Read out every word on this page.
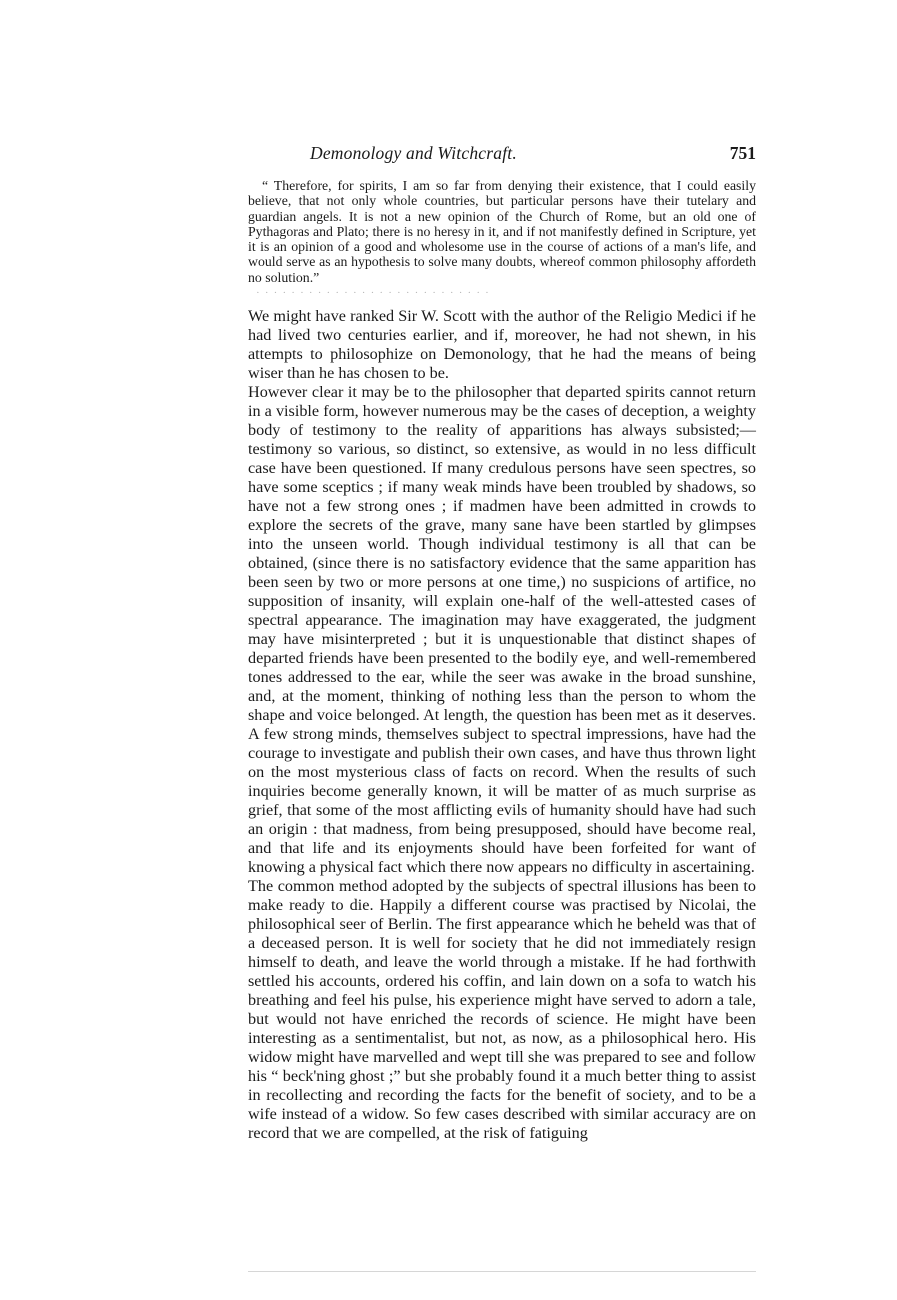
Demonology and Witchcraft.	751

“ Therefore, for spirits, I am so far from denying their existence, that I could easily believe, that not only whole countries, but particular persons have their tutelary and guardian angels. It is not a new opinion of the Church of Rome, but an old one of Pythagoras and Plato; there is no heresy in it, and if not manifestly defined in Scripture, yet it is an opinion of a good and wholesome use in the course of actions of a man's life, and would serve as an hypothesis to solve many doubts, whereof common philosophy affordeth no solution.”

· · · · · · · · · · · · · · · · · · · · · · · · · · ·

We might have ranked Sir W. Scott with the author of the Religio Medici if he had lived two centuries earlier, and if, moreover, he had not shewn, in his attempts to philosophize on Demonology, that he had the means of being wiser than he has chosen to be.

However clear it may be to the philosopher that departed spirits cannot return in a visible form, however numerous may be the cases of deception, a weighty body of testimony to the reality of apparitions has always subsisted;—testimony so various, so distinct, so extensive, as would in no less difficult case have been questioned. If many credulous persons have seen spectres, so have some sceptics ; if many weak minds have been troubled by shadows, so have not a few strong ones ; if madmen have been admitted in crowds to explore the secrets of the grave, many sane have been startled by glimpses into the unseen world. Though individual testimony is all that can be obtained, (since there is no satisfactory evidence that the same apparition has been seen by two or more persons at one time,) no suspicions of artifice, no supposition of insanity, will explain one-half of the well-attested cases of spectral appearance. The imagination may have exaggerated, the judgment may have misinterpreted ; but it is unquestionable that distinct shapes of departed friends have been presented to the bodily eye, and well-remembered tones addressed to the ear, while the seer was awake in the broad sunshine, and, at the moment, thinking of nothing less than the person to whom the shape and voice belonged. At length, the question has been met as it deserves. A few strong minds, themselves subject to spectral impressions, have had the courage to investigate and publish their own cases, and have thus thrown light on the most mysterious class of facts on record. When the results of such inquiries become generally known, it will be matter of as much surprise as grief, that some of the most afflicting evils of humanity should have had such an origin : that madness, from being presupposed, should have become real, and that life and its enjoyments should have been forfeited for want of knowing a physical fact which there now appears no difficulty in ascertaining.

The common method adopted by the subjects of spectral illusions has been to make ready to die. Happily a different course was practised by Nicolai, the philosophical seer of Berlin. The first appearance which he beheld was that of a deceased person. It is well for society that he did not immediately resign himself to death, and leave the world through a mistake. If he had forthwith settled his accounts, ordered his coffin, and lain down on a sofa to watch his breathing and feel his pulse, his experience might have served to adorn a tale, but would not have enriched the records of science. He might have been interesting as a sentimentalist, but not, as now, as a philosophical hero. His widow might have marvelled and wept till she was prepared to see and follow his “ beck'ning ghost ;” but she probably found it a much better thing to assist in recollecting and recording the facts for the benefit of society, and to be a wife instead of a widow. So few cases described with similar accuracy are on record that we are compelled, at the risk of fatiguing
